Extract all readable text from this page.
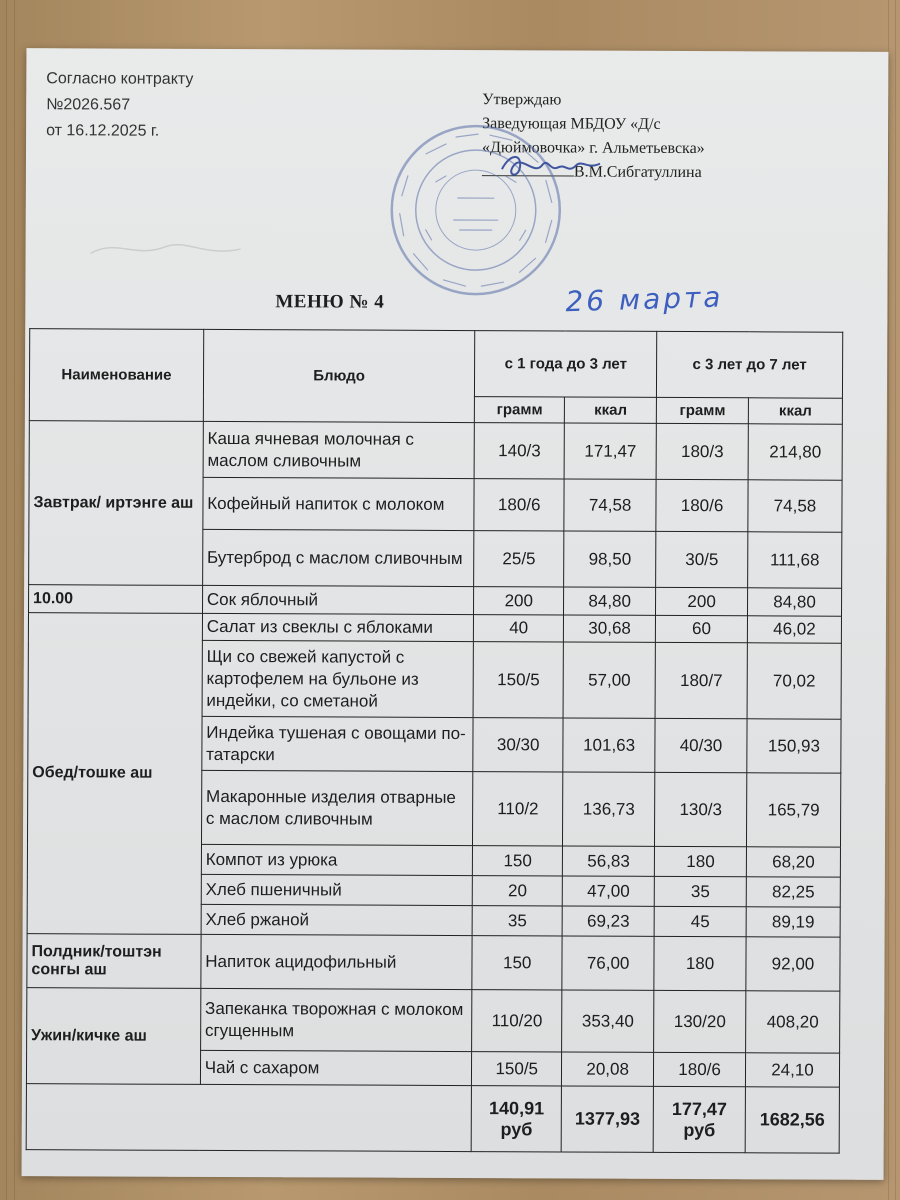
Согласно контракту
№2026.567
от 16.12.2025 г.
Утверждаю
Заведующая МБДОУ «Д/с
«Дюймовочка» г. Альметьевска»
В.М.Сибгатуллина
МЕНЮ № 4	26 марта
Наименование	Блюдо	с 1 года до 3 лет		с 3 лет до 7 лет	
		грамм	ккал	грамм	ккал
Завтрак/ иртэнге аш	Каша ячневая молочная с маслом сливочным	140/3	171,47	180/3	214,80
	Кофейный напиток с молоком	180/6	74,58	180/6	74,58
	Бутерброд с маслом сливочным	25/5	98,50	30/5	111,68
10.00	Сок яблочный	200	84,80	200	84,80
Обед/тошке аш	Салат из свеклы с яблоками	40	30,68	60	46,02
	Щи со свежей капустой с картофелем на бульоне из индейки, со сметаной	150/5	57,00	180/7	70,02
	Индейка тушеная с овощами по-татарски	30/30	101,63	40/30	150,93
	Макаронные изделия отварные с маслом сливочным	110/2	136,73	130/3	165,79
	Компот из урюка	150	56,83	180	68,20
	Хлеб пшеничный	20	47,00	35	82,25
	Хлеб ржаной	35	69,23	45	89,19
Полдник/тоштэн сонгы аш	Напиток ацидофильный	150	76,00	180	92,00
Ужин/кичке аш	Запеканка творожная с молоком сгущенным	110/20	353,40	130/20	408,20
	Чай с сахаром	150/5	20,08	180/6	24,10
		140,91 руб	1377,93	177,47 руб	1682,56
